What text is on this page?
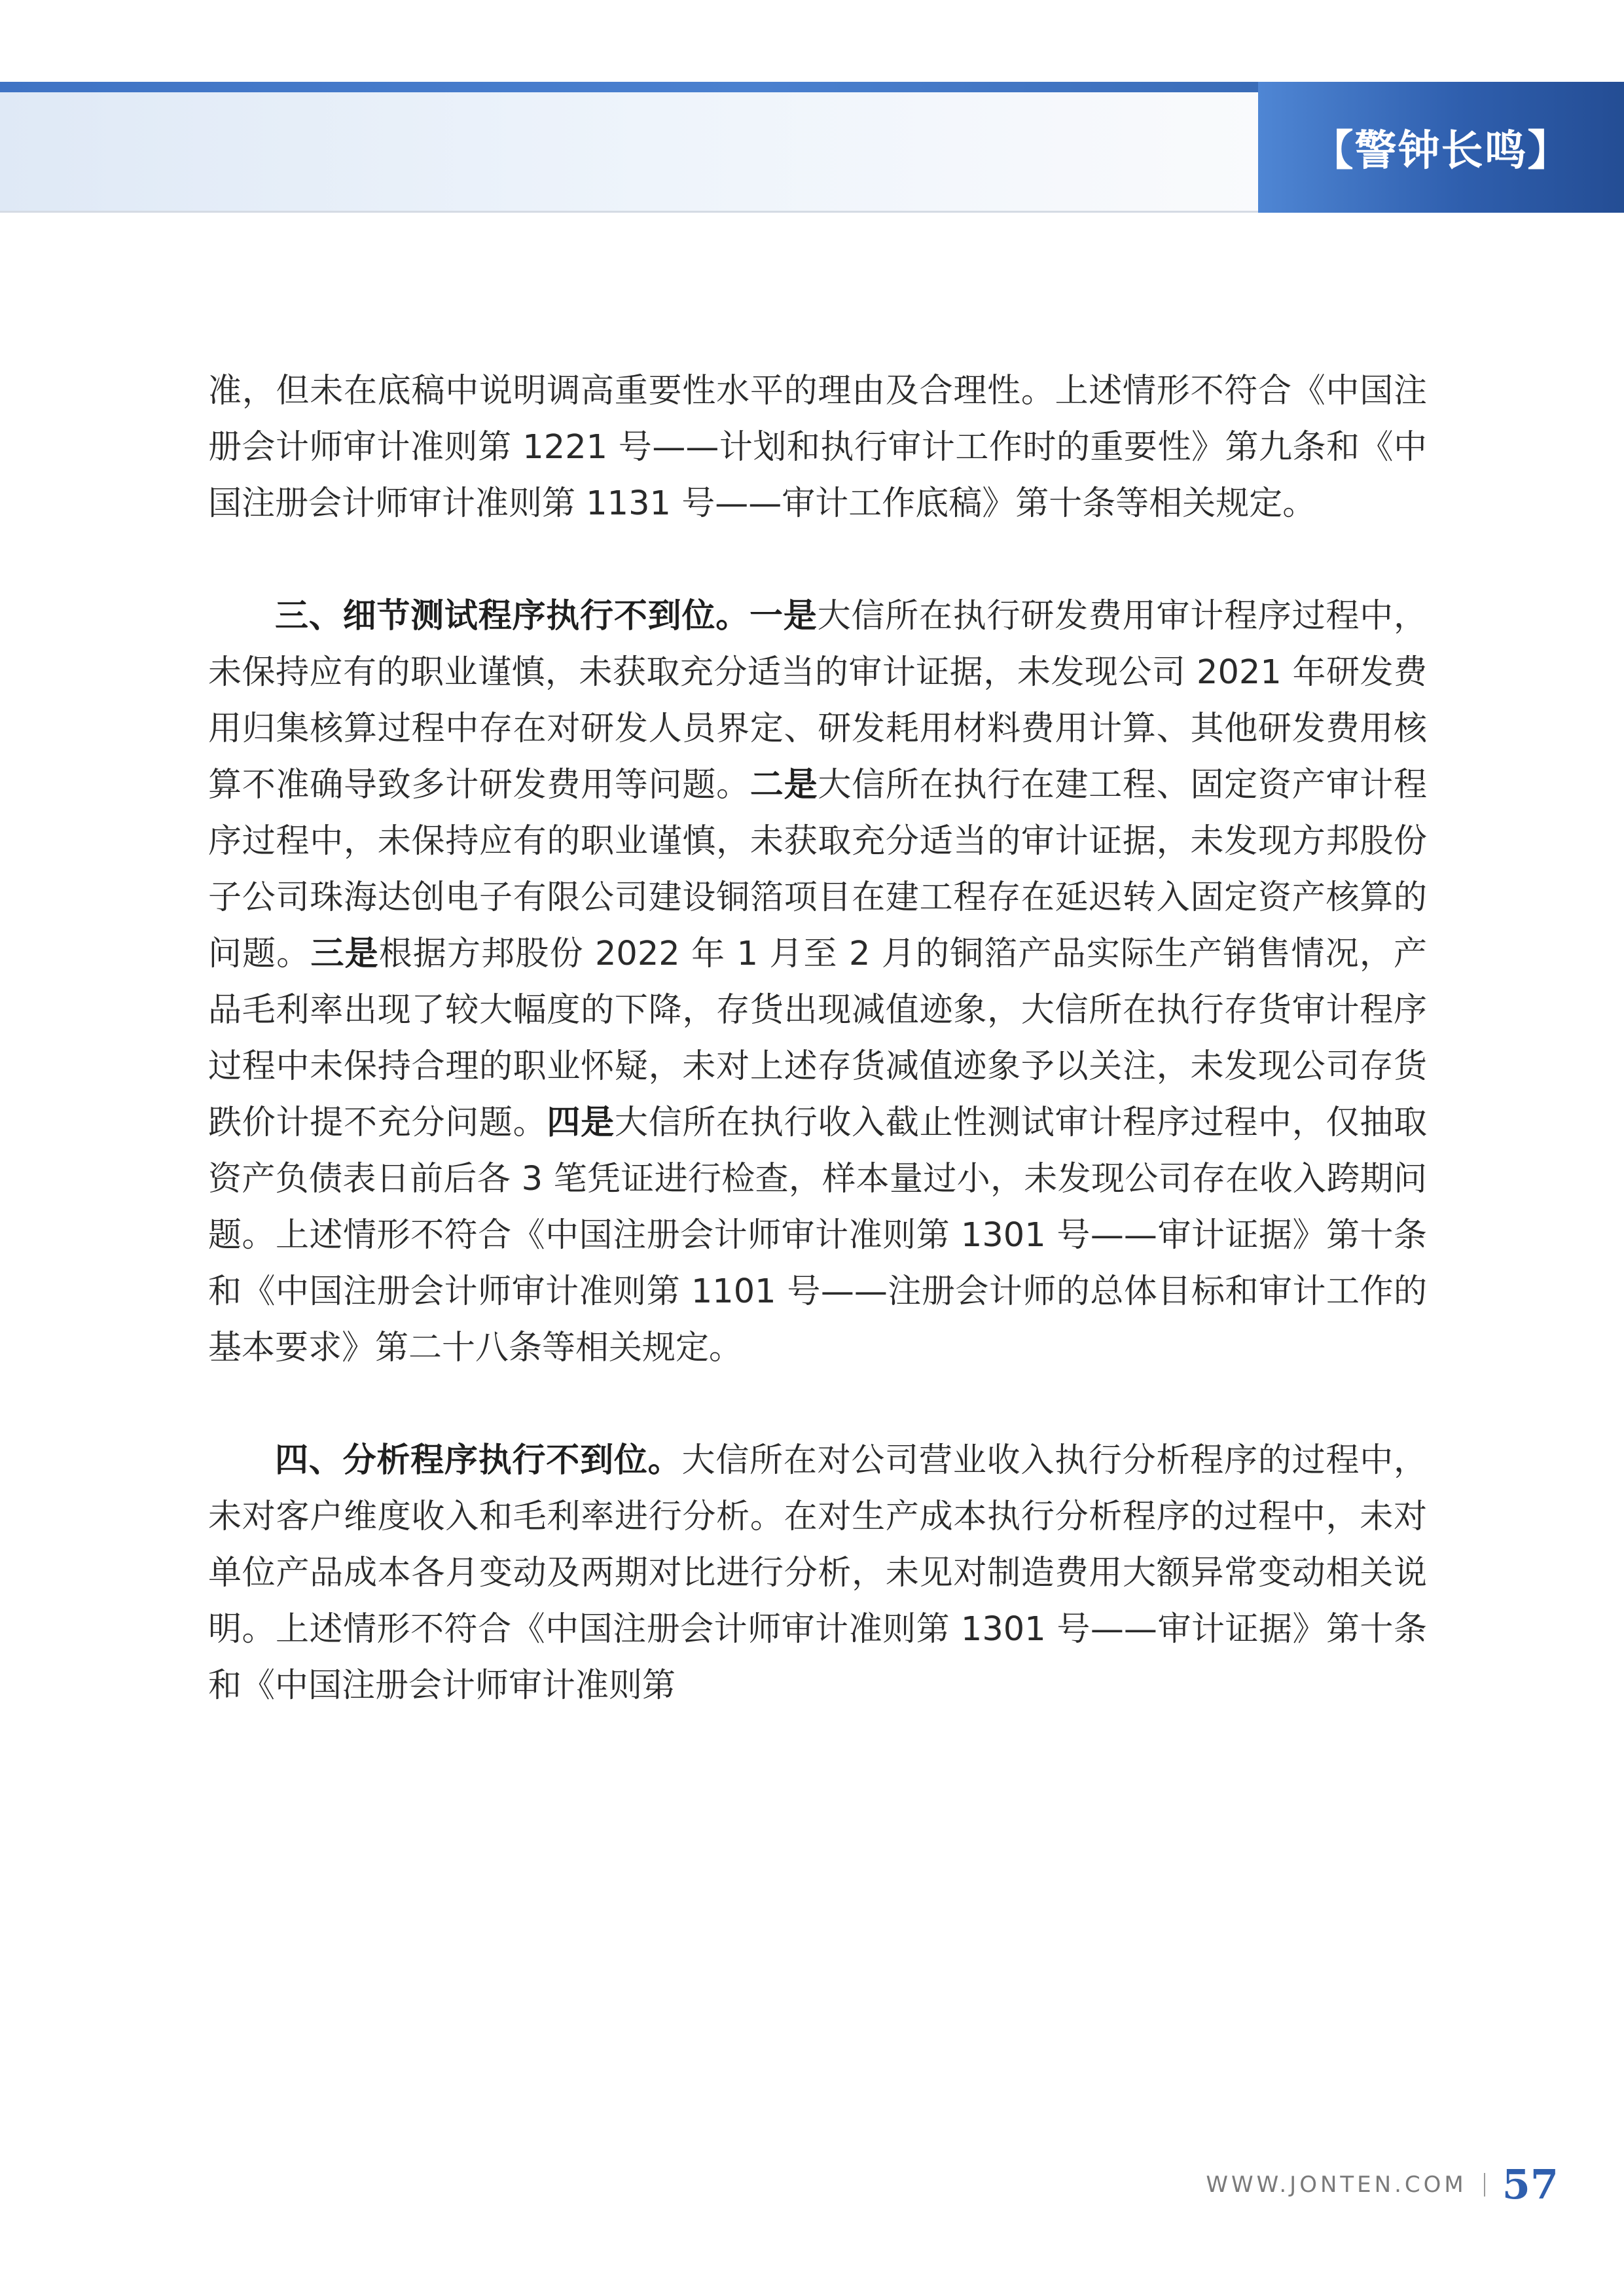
【警钟长鸣】

准，但未在底稿中说明调高重要性水平的理由及合理性。上述情形不符合《中国注册会计师审计准则第 1221 号——计划和执行审计工作时的重要性》第九条和《中国注册会计师审计准则第 1131 号——审计工作底稿》第十条等相关规定。

三、细节测试程序执行不到位。一是大信所在执行研发费用审计程序过程中，未保持应有的职业谨慎，未获取充分适当的审计证据，未发现公司 2021 年研发费用归集核算过程中存在对研发人员界定、研发耗用材料费用计算、其他研发费用核算不准确导致多计研发费用等问题。二是大信所在执行在建工程、固定资产审计程序过程中，未保持应有的职业谨慎，未获取充分适当的审计证据，未发现方邦股份子公司珠海达创电子有限公司建设铜箔项目在建工程存在延迟转入固定资产核算的问题。三是根据方邦股份 2022 年 1 月至 2 月的铜箔产品实际生产销售情况，产品毛利率出现了较大幅度的下降，存货出现减值迹象，大信所在执行存货审计程序过程中未保持合理的职业怀疑，未对上述存货减值迹象予以关注，未发现公司存货跌价计提不充分问题。四是大信所在执行收入截止性测试审计程序过程中，仅抽取资产负债表日前后各 3 笔凭证进行检查，样本量过小，未发现公司存在收入跨期问题。上述情形不符合《中国注册会计师审计准则第 1301 号——审计证据》第十条和《中国注册会计师审计准则第 1101 号——注册会计师的总体目标和审计工作的基本要求》第二十八条等相关规定。

四、分析程序执行不到位。大信所在对公司营业收入执行分析程序的过程中，未对客户维度收入和毛利率进行分析。在对生产成本执行分析程序的过程中，未对单位产品成本各月变动及两期对比进行分析，未见对制造费用大额异常变动相关说明。上述情形不符合《中国注册会计师审计准则第 1301 号——审计证据》第十条和《中国注册会计师审计准则第

WWW.JONTEN.COM 57
